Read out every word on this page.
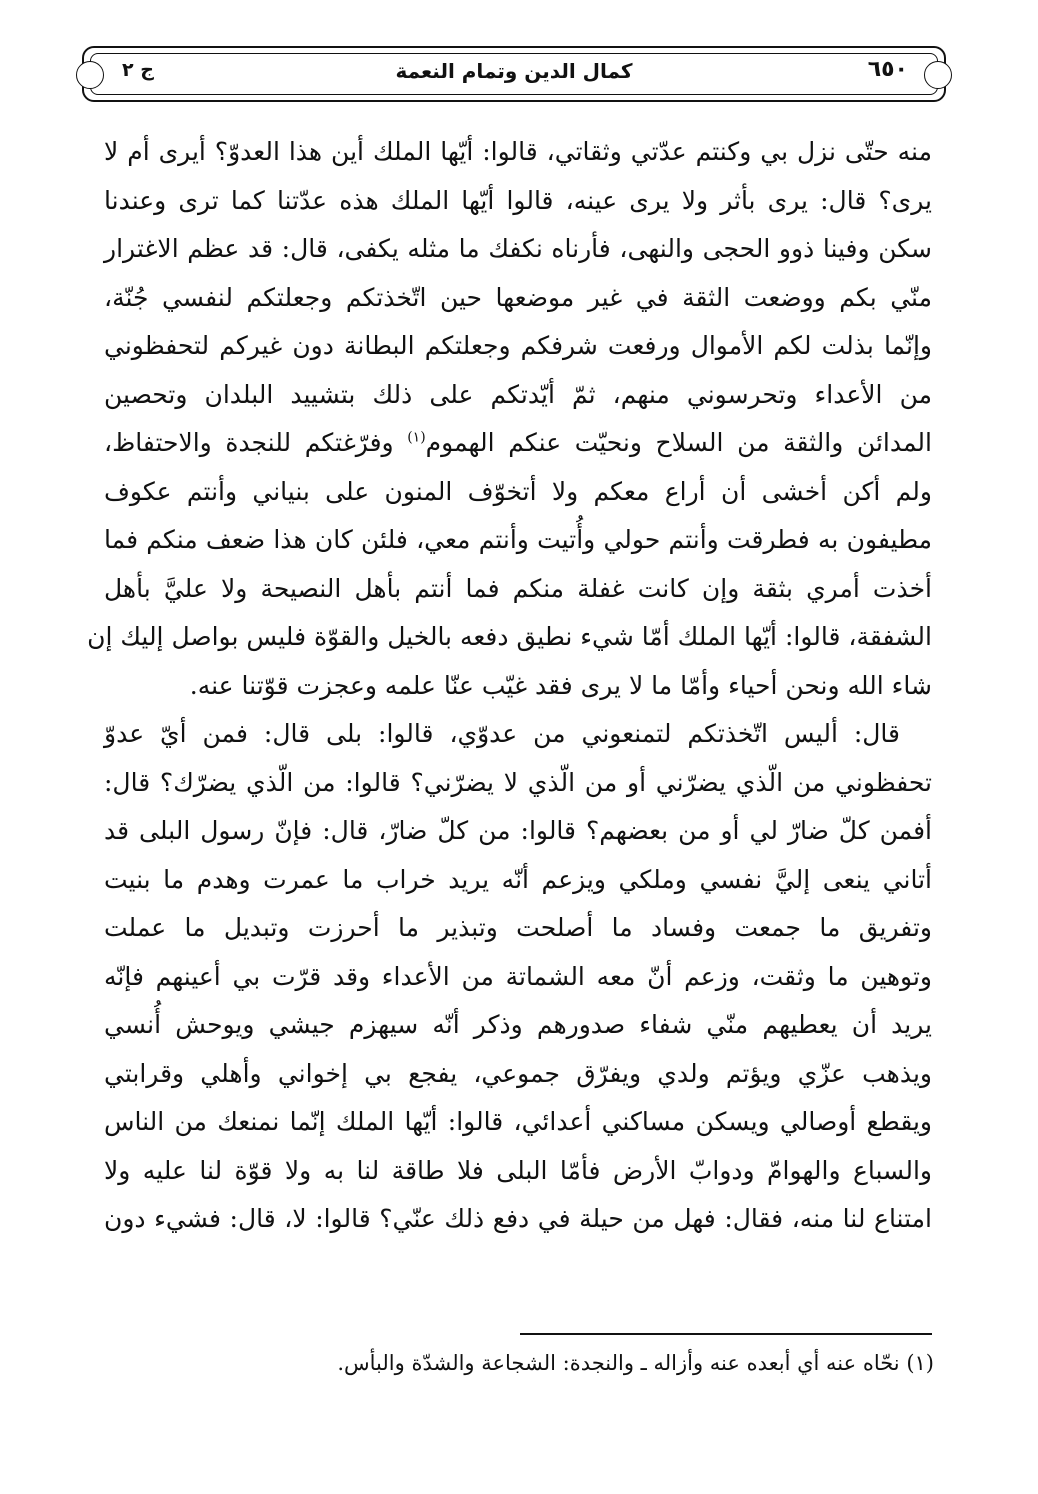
٦٥٠
كمال الدين وتمام النعمة
ج ٢
منه حتّى نزل بي وكنتم عدّتي وثقاتي، قالوا: أيّها الملك أين هذا العدوّ؟ أيرى أم لا
يرى؟ قال: يرى بأثر ولا يرى عينه، قالوا أيّها الملك هذه عدّتنا كما ترى وعندنا
سكن وفينا ذوو الحجى والنهى، فأرناه نكفك ما مثله يكفى، قال: قد عظم الاغترار
منّي بكم ووضعت الثقة في غير موضعها حين اتّخذتكم وجعلتكم لنفسي جُنّة،
وإنّما بذلت لكم الأموال ورفعت شرفكم وجعلتكم البطانة دون غيركم لتحفظوني
من الأعداء وتحرسوني منهم، ثمّ أيّدتكم على ذلك بتشييد البلدان وتحصين
المدائن والثقة من السلاح ونحيّت عنكم الهموم$^{(١)}$ وفرّغتكم للنجدة والاحتفاظ،
ولم أكن أخشى أن أراع معكم ولا أتخوّف المنون على بنياني وأنتم عكوف
مطيفون به فطرقت وأنتم حولي وأُتيت وأنتم معي، فلئن كان هذا ضعف منكم فما
أخذت أمري بثقة وإن كانت غفلة منكم فما أنتم بأهل النصيحة ولا عليَّ بأهل
الشفقة، قالوا: أيّها الملك أمّا شيء نطيق دفعه بالخيل والقوّة فليس بواصل إليك إن
شاء الله ونحن أحياء وأمّا ما لا يرى فقد غيّب عنّا علمه وعجزت قوّتنا عنه.
قال: أليس اتّخذتكم لتمنعوني من عدوّي، قالوا: بلى قال: فمن أيّ عدوّ
تحفظوني من الّذي يضرّني أو من الّذي لا يضرّني؟ قالوا: من الّذي يضرّك؟ قال:
أفمن كلّ ضارّ لي أو من بعضهم؟ قالوا: من كلّ ضارّ، قال: فإنّ رسول البلى قد
أتاني ينعى إليَّ نفسي وملكي ويزعم أنّه يريد خراب ما عمرت وهدم ما بنيت
وتفريق ما جمعت وفساد ما أصلحت وتبذير ما أحرزت وتبديل ما عملت
وتوهين ما وثقت، وزعم أنّ معه الشماتة من الأعداء وقد قرّت بي أعينهم فإنّه
يريد أن يعطيهم منّي شفاء صدورهم وذكر أنّه سيهزم جيشي ويوحش أُنسي
ويذهب عزّي ويؤتم ولدي ويفرّق جموعي، يفجع بي إخواني وأهلي وقرابتي
ويقطع أوصالي ويسكن مساكني أعدائي، قالوا: أيّها الملك إنّما نمنعك من الناس
والسباع والهوامّ ودوابّ الأرض فأمّا البلى فلا طاقة لنا به ولا قوّة لنا عليه ولا
امتناع لنا منه، فقال: فهل من حيلة في دفع ذلك عنّي؟ قالوا: لا، قال: فشيء دون
(١) نحّاه عنه أي أبعده عنه وأزاله ـ والنجدة: الشجاعة والشدّة والبأس.
